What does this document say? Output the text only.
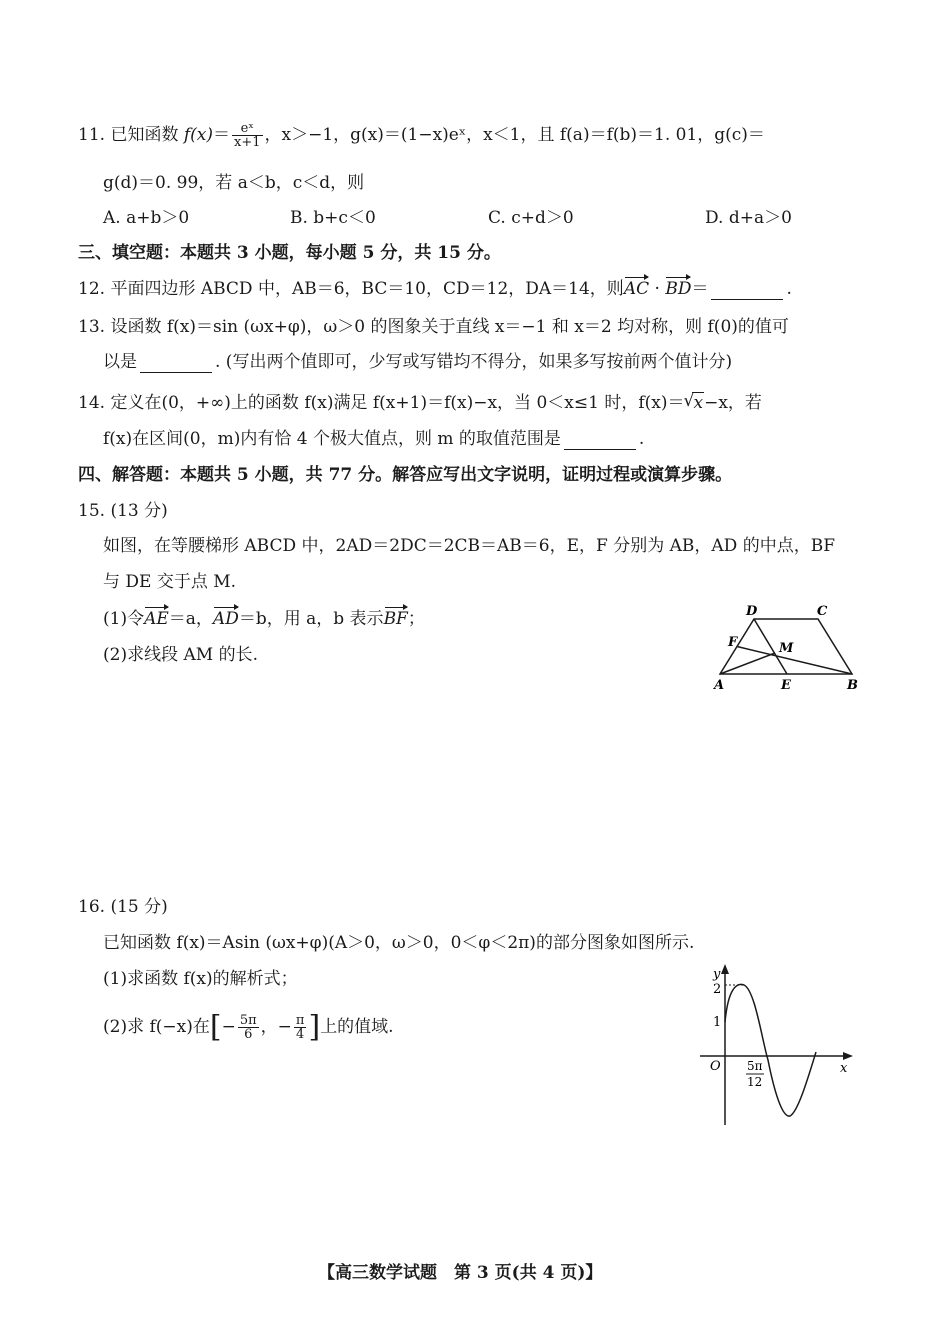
11. 已知函数 $f(x)= \frac{\text{eˣ}}{x+1}$ ，x＞−1，g(x)＝(1−x)eˣ，x＜1，且 f(a)＝f(b)＝1. 01，g(c)＝
g(d)＝0. 99，若 a＜b，c＜d，则
A. a+b＞0	B. b+c＜0	C. c+d＞0	D. d+a＞0
三、填空题：本题共 3 小题，每小题 5 分，共 15 分。
12. 平面四边形 ABCD 中，AB＝6，BC＝10，CD＝12，DA＝14，则AC · BD＝	.
13. 设函数 f(x)＝sin (ωx+φ)，ω＞0 的图象关于直线 x＝−1 和 x＝2 均对称，则 f(0)的值可
以是	. (写出两个值即可，少写或写错均不得分，如果多写按前两个值计分)
14. 定义在(0，+∞)上的函数 f(x)满足 f(x+1)＝f(x)−x，当 0＜x≤1 时，f(x)＝√ x−x，若
f(x)在区间(0，m)内有恰 4 个极大值点，则 m 的取值范围是	.
四、解答题：本题共 5 小题，共 77 分。解答应写出文字说明，证明过程或演算步骤。
15. (13 分)
如图，在等腰梯形 ABCD 中，2AD＝2DC＝2CB＝AB＝6，E，F 分别为 AB，AD 的中点，BF
与 DE 交于点 M.
(1)令AE＝a，AD＝b，用 a，b 表示BF；
(2)求线段 AM 的长.
D	C
F	M
A	E	B
16. (15 分)
已知函数 f(x)＝Asin (ωx+φ)(A＞0，ω＞0，0＜φ＜2π)的部分图象如图所示.
(1)求函数 f(x)的解析式；
(2)求 f(−x)在[− $\frac{5\pi}{6}$ ，− $\frac{\pi}{4}$ ]上的值域.
y
x
O
2
1
5π
12
【高三数学试题　第 3 页(共 4 页)】
